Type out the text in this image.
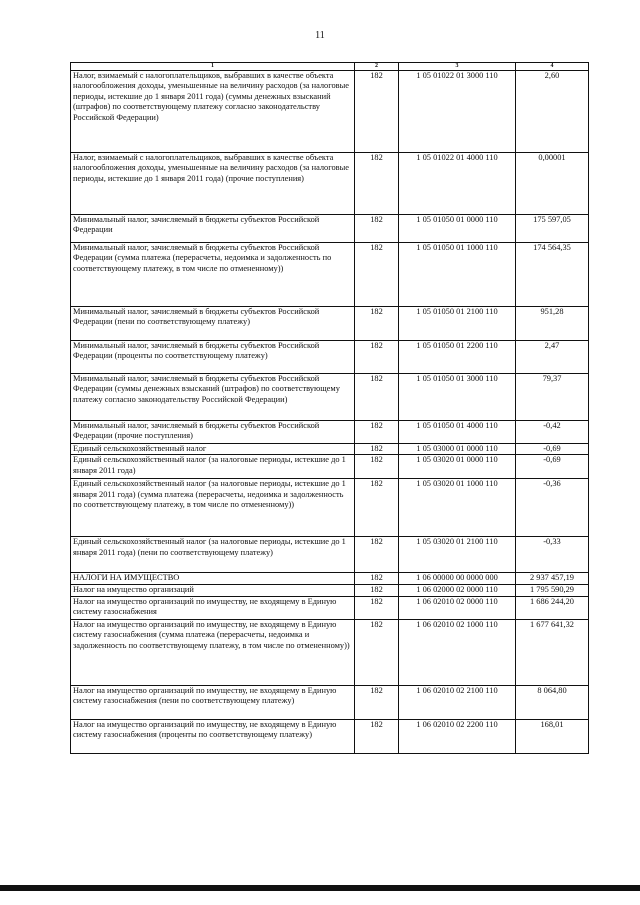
11
1	2	3	4
Налог, взимаемый с налогоплательщиков, выбравших в качестве объекта налогообложения доходы, уменьшенные на величину расходов (за налоговые периоды, истекшие до 1 января 2011 года) (суммы денежных взысканий (штрафов) по соответствующему платежу согласно законодательству Российской Федерации)	182	1 05 01022 01 3000 110	2,60
Налог, взимаемый с налогоплательщиков, выбравших в качестве объекта налогообложения доходы, уменьшенные на величину расходов (за налоговые периоды, истекшие до 1 января 2011 года) (прочие поступления)	182	1 05 01022 01 4000 110	0,00001
Минимальный налог, зачисляемый в бюджеты субъектов Российской Федерации	182	1 05 01050 01 0000 110	175 597,05
Минимальный налог, зачисляемый в бюджеты субъектов Российской Федерации (сумма платежа (перерасчеты, недоимка и задолженность по соответствующему платежу, в том числе по отмененному))	182	1 05 01050 01 1000 110	174 564,35
Минимальный налог, зачисляемый в бюджеты субъектов Российской Федерации (пени по соответствующему платежу)	182	1 05 01050 01 2100 110	951,28
Минимальный налог, зачисляемый в бюджеты субъектов Российской Федерации (проценты по соответствующему платежу)	182	1 05 01050 01 2200 110	2,47
Минимальный налог, зачисляемый в бюджеты субъектов Российской Федерации (суммы денежных взысканий (штрафов) по соответствующему платежу согласно законодательству Российской Федерации)	182	1 05 01050 01 3000 110	79,37
Минимальный налог, зачисляемый в бюджеты субъектов Российской Федерации (прочие поступления)	182	1 05 01050 01 4000 110	-0,42
Единый сельскохозяйственный налог	182	1 05 03000 01 0000 110	-0,69
Единый сельскохозяйственный налог (за налоговые периоды, истекшие до 1 января 2011 года)	182	1 05 03020 01 0000 110	-0,69
Единый сельскохозяйственный налог (за налоговые периоды, истекшие до 1 января 2011 года) (сумма платежа (перерасчеты, недоимка и задолженность по соответствующему платежу, в том числе по отмененному))	182	1 05 03020 01 1000 110	-0,36
Единый сельскохозяйственный налог (за налоговые периоды, истекшие до 1 января 2011 года) (пени по соответствующему платежу)	182	1 05 03020 01 2100 110	-0,33
НАЛОГИ НА ИМУЩЕСТВО	182	1 06 00000 00 0000 000	2 937 457,19
Налог на имущество организаций	182	1 06 02000 02 0000 110	1 795 590,29
Налог на имущество организаций по имуществу, не входящему в Единую систему газоснабжения	182	1 06 02010 02 0000 110	1 686 244,20
Налог на имущество организаций по имуществу, не входящему в Единую систему газоснабжения (сумма платежа (перерасчеты, недоимка и задолженность по соответствующему платежу, в том числе по отмененному))	182	1 06 02010 02 1000 110	1 677 641,32
Налог на имущество организаций по имуществу, не входящему в Единую систему газоснабжения (пени по соответствующему платежу)	182	1 06 02010 02 2100 110	8 064,80
Налог на имущество организаций по имуществу, не входящему в Единую систему газоснабжения (проценты по соответствующему платежу)	182	1 06 02010 02 2200 110	168,01
